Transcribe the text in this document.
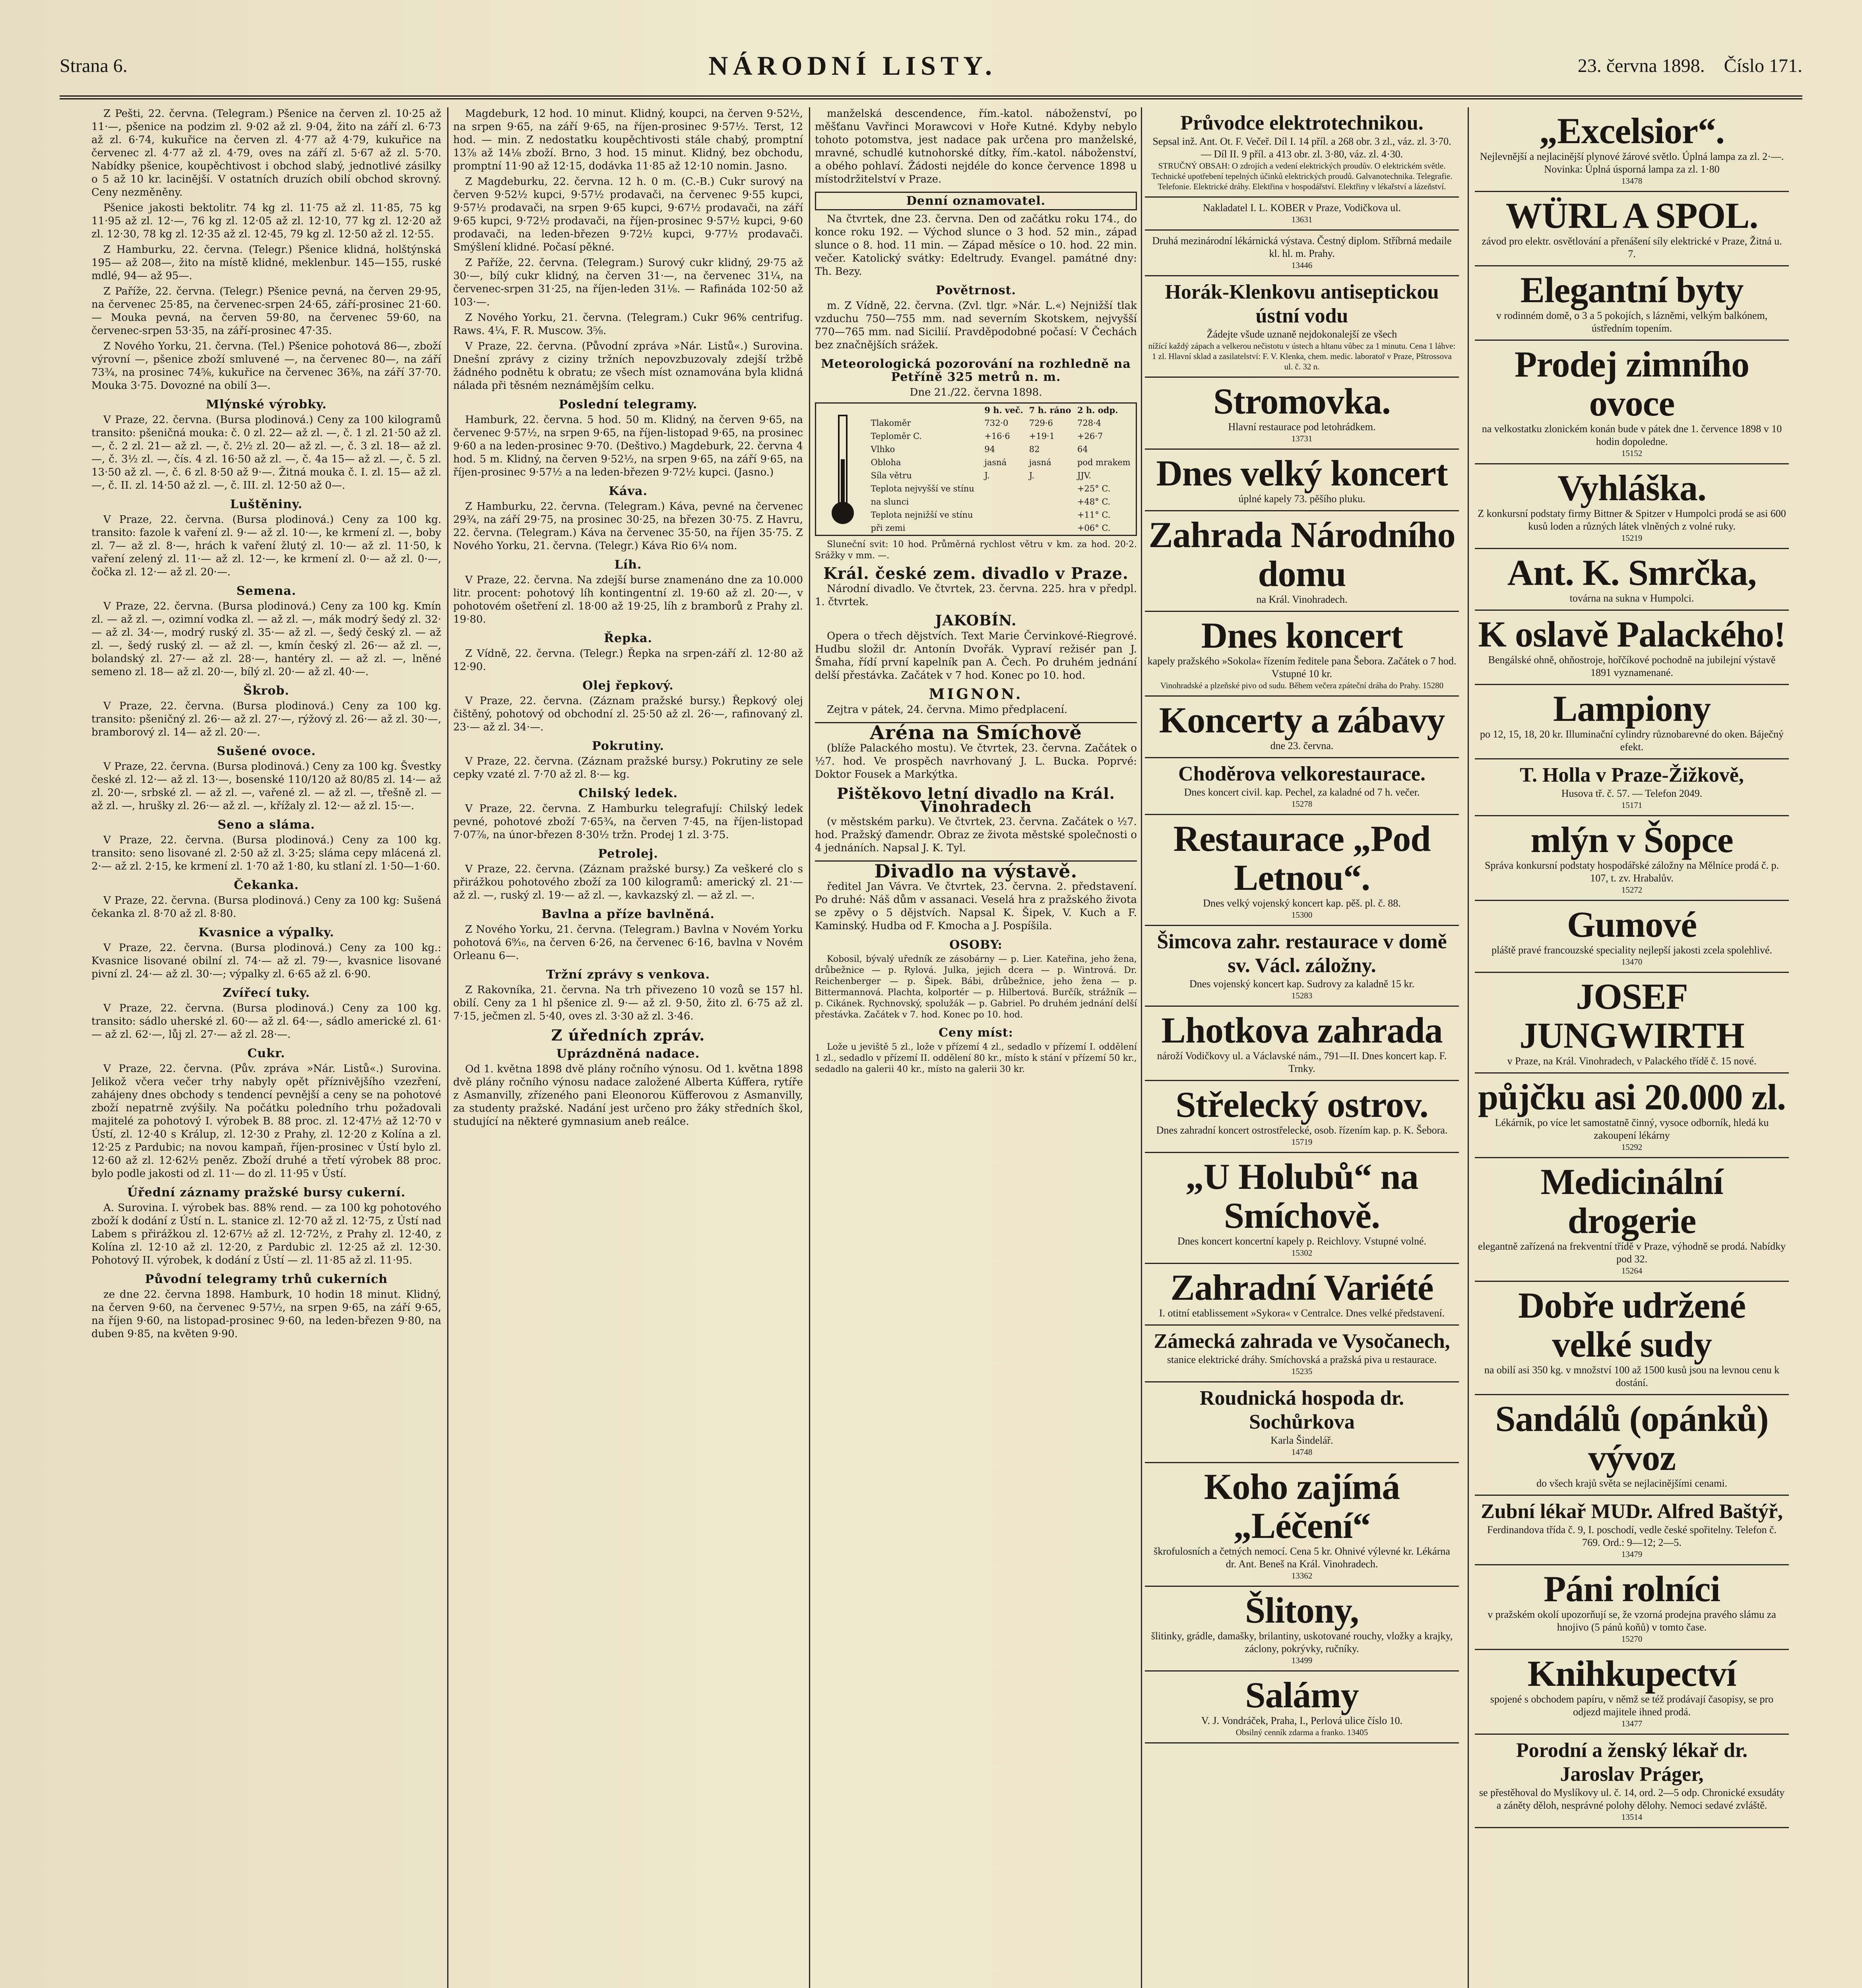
Strana 6.	NÁRODNÍ LISTY.	23. června 1898. Číslo 171.

Z Pešti, 22. června. (Telegram.) Pšenice na červen zl. 10·25 až 11·—, pšenice na podzim zl. 9·02 až zl. 9·04, žito na září zl. 6·73 až zl. 6·74, kukuřice na červen zl. 4·77 až 4·79, kukuřice na červenec zl. 4·77 až zl. 4·79, oves na září zl. 5·67 až zl. 5·70. Nabídky pšenice, koupěchtivost i obchod slabý, jednotlivé zásilky o 5 až 10 kr. lacinější. V ostatních druzích obilí obchod skrovný. Ceny nezměněny.

Pšenice jakosti bektolitr. 74 kg zl. 11·75 až zl. 11·85, 75 kg 11·95 až zl. 12·—, 76 kg zl. 12·05 až zl. 12·10, 77 kg zl. 12·20 až zl. 12·30, 78 kg zl. 12·35 až zl. 12·45, 79 kg zl. 12·50 až zl. 12·55.

Z Hamburku, 22. června. (Telegr.) Pšenice klidná, holštýnská 195— až 208—, žito na místě klidné, meklenbur. 145—155, ruské mdlé, 94— až 95—.

Z Paříže, 22. června. (Telegr.) Pšenice pevná, na červen 29·95, na červenec 25·85, na červenec-srpen 24·65, září-prosinec 21·60. — Mouka pevná, na červen 59·80, na červenec 59·60, na červenec-srpen 53·35, na září-prosinec 47·35.

Z Nového Yorku, 21. června. (Tel.) Pšenice pohotová 86—, zboží výrovní —, pšenice zboží smluvené —, na červenec 80—, na září 73¾, na prosinec 74⅝, kukuřice na červenec 36⅜, na září 37·70. Mouka 3·75. Dovozné na obilí 3—.

Mlýnské výrobky.

V Praze, 22. června. (Bursa plodinová.) Ceny za 100 kilogramů transito: pšeničná mouka: č. 0 zl. 22— až zl. —, č. 1 zl. 21·50 až zl. —, č. 2 zl. 21— až zl. —, č. 2½ zl. 20— až zl. —, č. 3 zl. 18— až zl. —, č. 3½ zl. —, čís. 4 zl. 16·50 až zl. —, č. 4a 15— až zl. —, č. 5 zl. 13·50 až zl. —, č. 6 zl. 8·50 až 9·—. Žitná mouka č. I. zl. 15— až zl. —, č. II. zl. 14·50 až zl. —, č. III. zl. 12·50 až 0—.

Luštěniny.

V Praze, 22. června. (Bursa plodinová.) Ceny za 100 kg. transito: fazole k vaření zl. 9·— až zl. 10·—, ke krmení zl. —, boby zl. 7— až zl. 8·—, hrách k vaření žlutý zl. 10·— až zl. 11·50, k vaření zelený zl. 11·— až zl. 12·—, ke krmení zl. 0·— až zl. 0·—, čočka zl. 12·— až zl. 20·—.

Semena.

V Praze, 22. června. (Bursa plodinová.) Ceny za 100 kg. Kmín zl. — až zl. —, ozimní vodka zl. — až zl. —, mák modrý šedý zl. 32·— až zl. 34·—, modrý ruský zl. 35·— až zl. —, šedý český zl. — až zl. —, šedý ruský zl. — až zl. —, kmín český zl. 26·— až zl. —, bolandský zl. 27·— až zl. 28·—, hantéry zl. — až zl. —, lněné semeno zl. 18— až zl. 20·—, bílý zl. 20·— až zl. 40·—.

Škrob.

V Praze, 22. června. (Bursa plodinová.) Ceny za 100 kg. transito: pšeničný zl. 26·— až zl. 27·—, rýžový zl. 26·— až zl. 30·—, bramborový zl. 14— až zl. 20·—.

Sušené ovoce.

V Praze, 22. června. (Bursa plodinová.) Ceny za 100 kg. Švestky české zl. 12·— až zl. 13·—, bosenské 110/120 až 80/85 zl. 14·— až zl. 20·—, srbské zl. — až zl. —, vařené zl. — až zl. —, třešně zl. — až zl. —, hrušky zl. 26·— až zl. —, křížaly zl. 12·— až zl. 15·—.

Seno a sláma.

V Praze, 22. června. (Bursa plodinová.) Ceny za 100 kg. transito: seno lisované zl. 2·50 až zl. 3·25; sláma cepy mlácená zl. 2·— až zl. 2·15, ke krmení zl. 1·70 až 1·80, ku stlaní zl. 1·50—1·60.

Čekanka.

V Praze, 22. června. (Bursa plodinová.) Ceny za 100 kg: Sušená čekanka zl. 8·70 až zl. 8·80.

Kvasnice a výpalky.

V Praze, 22. června. (Bursa plodinová.) Ceny za 100 kg.: Kvasnice lisované obilní zl. 74·— až zl. 79·—, kvasnice lisované pivní zl. 24·— až zl. 30·—; výpalky zl. 6·65 až zl. 6·90.

Zvířecí tuky.

V Praze, 22. června. (Bursa plodinová.) Ceny za 100 kg. transito: sádlo uherské zl. 60·— až zl. 64·—, sádlo americké zl. 61·— až zl. 62·—, lůj zl. 27·— až zl. 28·—.

Cukr.

V Praze, 22. června. (Pův. zpráva »Nár. Listů«.) Surovina. Jelikož včera večer trhy nabyly opět příznivějšího vzezření, zahájeny dnes obchody s tendencí pevnější a ceny se na pohotové zboží nepatrně zvýšily. Na počátku poledního trhu požadovali majitelé za pohotový I. výrobek B. 88 proc. zl. 12·47½ až 12·70 v Ústí, zl. 12·40 s Králup, zl. 12·30 z Prahy, zl. 12·20 z Kolína a zl. 12·25 z Pardubic; na novou kampaň, říjen-prosinec v Ústí bylo zl. 12·60 až zl. 12·62½ peněz. Zboží druhé a třetí výrobek 88 proc. bylo podle jakosti od zl. 11·— do zl. 11·95 v Ústí.

Úřední záznamy pražské bursy cukerní.

A. Surovina. I. výrobek bas. 88% rend. — za 100 kg pohotového zboží k dodání z Ústí n. L. stanice zl. 12·70 až zl. 12·75, z Ústí nad Labem s přirážkou zl. 12·67½ až zl. 12·72½, z Prahy zl. 12·40, z Kolína zl. 12·10 až zl. 12·20, z Pardubic zl. 12·25 až zl. 12·30. Pohotový II. výrobek, k dodání z Ústí — zl. 11·85 až zl. 11·95.

Původní telegramy trhů cukerních

ze dne 22. června 1898. Hamburk, 10 hodin 18 minut. Klidný, na červen 9·60, na červenec 9·57½, na srpen 9·65, na září 9·65, na říjen 9·60, na listopad-prosinec 9·60, na leden-březen 9·80, na duben 9·85, na květen 9·90.

Magdeburk, 12 hod. 10 minut. Klidný, koupci, na červen 9·52½, na srpen 9·65, na září 9·65, na říjen-prosinec 9·57½. Terst, 12 hod. — min. Z nedostatku koupěchtivosti stále chabý, promptní 13⅞ až 14⅛ zboží. Brno, 3 hod. 15 minut. Klidný, bez obchodu, promptní 11·90 až 12·15, dodávka 11·85 až 12·10 nomin. Jasno.

Z Magdeburku, 22. června. 12 h. 0 m. (C.-B.) Cukr surový na červen 9·52½ kupci, 9·57½ prodavači, na červenec 9·55 kupci, 9·57½ prodavači, na srpen 9·65 kupci, 9·67½ prodavači, na září 9·65 kupci, 9·72½ prodavači, na říjen-prosinec 9·57½ kupci, 9·60 prodavači, na leden-březen 9·72½ kupci, 9·77½ prodavači. Smýšlení klidné. Počasí pěkné.

Z Paříže, 22. června. (Telegram.) Surový cukr klidný, 29·75 až 30·—, bílý cukr klidný, na červen 31·—, na červenec 31¼, na červenec-srpen 31·25, na říjen-leden 31⅛. — Rafináda 102·50 až 103·—.

Z Nového Yorku, 21. června. (Telegram.) Cukr 96% centrifug. Raws. 4¼, F. R. Muscow. 3⅝.

V Praze, 22. června. (Původní zpráva »Nár. Listů«.) Surovina. Dnešní zprávy z ciziny tržních nepovzbuzovaly zdejší tržbě žádného podnětu k obratu; ze všech míst oznamována byla klidná nálada při těsném neznámějším celku.

Poslední telegramy.

Hamburk, 22. června. 5 hod. 50 m. Klidný, na červen 9·65, na červenec 9·57½, na srpen 9·65, na říjen-listopad 9·65, na prosinec 9·60 a na leden-prosinec 9·70. (Deštivo.) Magdeburk, 22. června 4 hod. 5 m. Klidný, na červen 9·52½, na srpen 9·65, na září 9·65, na říjen-prosinec 9·57½ a na leden-březen 9·72½ kupci. (Jasno.)

Káva.

Z Hamburku, 22. června. (Telegram.) Káva, pevné na červenec 29¾, na září 29·75, na prosinec 30·25, na březen 30·75. Z Havru, 22. června. (Telegram.) Káva na červenec 35·50, na říjen 35·75. Z Nového Yorku, 21. června. (Telegr.) Káva Rio 6¼ nom.

Líh.

V Praze, 22. června. Na zdejší burse znamenáno dne za 10.000 litr. procent: pohotový líh kontingentní zl. 19·60 až zl. 20·—, v pohotovém ošetření zl. 18·00 až 19·25, líh z bramborů z Prahy zl. 19·80.

Řepka.

Z Vídně, 22. června. (Telegr.) Řepka na srpen-září zl. 12·80 až 12·90.

Olej řepkový.

V Praze, 22. června. (Záznam pražské bursy.) Řepkový olej čištěný, pohotový od obchodní zl. 25·50 až zl. 26·—, rafinovaný zl. 23·— až zl. 34·—.

Pokrutiny.

V Praze, 22. června. (Záznam pražské bursy.) Pokrutiny ze sele cepky vzaté zl. 7·70 až zl. 8·— kg.

Chilský ledek.

V Praze, 22. června. Z Hamburku telegrafují: Chilský ledek pevné, pohotové zboží 7·65¾, na červen 7·45, na říjen-listopad 7·07⅞, na únor-březen 8·30½ tržn. Prodej 1 zl. 3·75.

Petrolej.

V Praze, 22. června. (Záznam pražské bursy.) Za veškeré clo s přirážkou pohotového zboží za 100 kilogramů: americký zl. 21·— až zl. —, ruský zl. 19·— až zl. —, kavkazský zl. — až zl. —.

Bavlna a příze bavlněná.

Z Nového Yorku, 21. června. (Telegram.) Bavlna v Novém Yorku pohotová 6⁹⁄₁₆, na červen 6·26, na červenec 6·16, bavlna v Novém Orleanu 6—.

Tržní zprávy s venkova.

Z Rakovníka, 21. června. Na trh přivezeno 10 vozů se 157 hl. obilí. Ceny za 1 hl pšenice zl. 9·— až zl. 9·50, žito zl. 6·75 až zl. 7·15, ječmen zl. 5·40, oves zl. 3·30 až zl. 3·46.

Z úředních zpráv.
Uprázdněná nadace.

Od 1. května 1898 dvě plány ročního výnosu. Od 1. května 1898 dvě plány ročního výnosu nadace založené Alberta Kúffera, rytíře z Asmanvilly, zřízeného pani Eleonorou Küfferovou z Asmanvilly, za studenty pražské. Nadání jest určeno pro žáky středních škol, studující na některé gymnasium aneb reálce.

manželská descendence, řím.-katol. náboženství, po měšťanu Vavřinci Morawcovi v Hoře Kutné. Kdyby nebylo tohoto potomstva, jest nadace pak určena pro manželské, mravné, schudlé kutnohorské dítky, řím.-katol. náboženství, a obého pohlaví. Žádosti nejdéle do konce července 1898 u místodržitelství v Praze.

Denní oznamovatel.

Na čtvrtek, dne 23. června. Den od začátku roku 174., do konce roku 192. — Východ slunce o 3 hod. 52 min., západ slunce o 8. hod. 11 min. — Západ měsíce o 10. hod. 22 min. večer. Katolický svátky: Edeltrudy. Evangel. památné dny: Th. Bezy.

Povětrnost.

m. Z Vídně, 22. června. (Zvl. tlgr. »Nár. L.«) Nejnižší tlak vzduchu 750—755 mm. nad severním Skotskem, nejvyšší 770—765 mm. nad Sicilií. Pravděpodobné počasí: V Čechách bez značnějších srážek.

Meteorologická pozorování na rozhledně na Petříně 325 metrů n. m.

Dne 21./22. června 1898.

	9 h. več.	7 h. ráno	2 h. odp.
Tlakoměr	732·0	729·6	728·4
Teploměr C.	+16·6	+19·1	+26·7
Vlhko	94	82	64
Obloha	jasná	jasná	pod mrakem
Síla větru	J.	J.	JJV.
Teplota nejvyšší ve stínu			+25° C.
na slunci			+48° C.
Teplota nejnižší ve stínu			+11° C.
při zemi			+06° C.

Sluneční svit: 10 hod. Průměrná rychlost větru v km. za hod. 20·2. Srážky v mm. —.

Král. české zem. divadlo v Praze.

Národní divadlo. Ve čtvrtek, 23. června. 225. hra v předpl. 1. čtvrtek.

JAKOBÍN.

Opera o třech dějstvích. Text Marie Červinkové-Riegrové. Hudbu složil dr. Antonín Dvořák. Vypraví režisér pan J. Šmaha, řídí první kapelník pan A. Čech. Po druhém jednání delší přestávka. Začátek v 7 hod. Konec po 10. hod.

MIGNON.

Zejtra v pátek, 24. června. Mimo předplacení.

Aréna na Smíchově

(blíže Palackého mostu). Ve čtvrtek, 23. června. Začátek o ½7. hod. Ve prospěch navrhovaný J. L. Bucka. Poprvé: Doktor Fousek a Markýtka.

Pištěkovo letní divadlo na Král. Vinohradech

(v městském parku). Ve čtvrtek, 23. června. Začátek o ½7. hod. Pražský ďamendr. Obraz ze života městské společnosti o 4 jednáních. Napsal J. K. Tyl.

Divadlo na výstavě.

ředitel Jan Vávra. Ve čtvrtek, 23. června. 2. představení. Po druhé: Náš dům v assanaci. Veselá hra z pražského života se zpěvy o 5 dějstvích. Napsal K. Šipek, V. Kuch a F. Kaminský. Hudba od F. Kmocha a J. Pospíšila.

OSOBY:

Kobosil, bývalý uředník ze zásobárny — p. Lier. Kateřina, jeho žena, drůbežnice — p. Rylová. Julka, jejich dcera — p. Wintrová. Dr. Reichenberger — p. Šipek. Bábi, drůbežnice, jeho žena — p. Bittermannová. Plachta, kolportér — p. Hilbertová. Burčík, strážník — p. Cikánek. Rychnovský, spolužák — p. Gabriel. Po druhém jednání delší přestávka. Začátek v 7. hod. Konec po 10. hod.

Ceny míst:

Lože u jeviště 5 zl., lože v přízemí 4 zl., sedadlo v přízemí I. oddělení 1 zl., sedadlo v přízemí II. oddělení 80 kr., místo k stání v přízemí 50 kr., sedadlo na galerii 40 kr., místo na galerii 30 kr.

Průvodce elektrotechnikou.
Sepsal inž. Ant. Ot. F. Večeř. Díl I. 14 příl. a 268 obr. 3 zl., váz. zl. 3·70. — Díl II. 9 příl. a 413 obr. zl. 3·80, váz. zl. 4·30.
STRUČNÝ OBSAH: O zdrojích a vedení elektrických proudův. O elektrickém světle. Technické upotřebení tepelných účinků elektrických proudů. Galvanotechnika. Telegrafie. Telefonie. Elektrické dráhy. Elektřina v hospodářství. Elektřiny v lékařství a lázeňství.
Nakladatel I. L. KOBER v Praze, Vodičkova ul.
13631
Druhá mezinárodní lékárnická výstava. Čestný diplom. Stříbrná medaile kl. hl. m. Prahy.
13446
Horák-Klenkovu antiseptickou ústní vodu
Žádejte všude uznaně nejdokonalejší ze všech
nížící každý zápach a velkerou nečistotu v ústech a hltanu vůbec za 1 minutu. Cena 1 láhve: 1 zl. Hlavní sklad a zasilatelství: F. V. Klenka, chem. medic. laboratoř v Praze, Pštrossova ul. č. 32 n.
Stromovka.
Hlavní restaurace pod letohrádkem.
13731
Dnes velký koncert
úplné kapely 73. pěšího pluku.
Zahrada Národního domu
na Král. Vinohradech.
Dnes koncert
kapely pražského »Sokola« řízením ředitele pana Šebora. Začátek o 7 hod. Vstupné 10 kr.
Vinohradské a plzeňské pivo od sudu. Během večera zpáteční dráha do Prahy. 15280
Koncerty a zábavy
dne 23. června.
Choděrova velkorestaurace.
Dnes koncert civil. kap. Pechel, za kaladné od 7 h. večer.
15278
Restaurace „Pod Letnou“.
Dnes velký vojenský koncert kap. pěš. pl. č. 88.
15300
Šimcova zahr. restaurace v domě sv. Václ. záložny.
Dnes vojenský koncert kap. Sudrovy za kaladně 15 kr.
15283
Lhotkova zahrada
nároží Vodičkovy ul. a Václavské nám., 791—II. Dnes koncert kap. F. Trnky.
Střelecký ostrov.
Dnes zahradní koncert ostrostřelecké, osob. řízením kap. p. K. Šebora.
15719
„U Holubů“ na Smíchově.
Dnes koncert koncertní kapely p. Reichlovy. Vstupné volné.
15302
Zahradní Variété
I. otitní etablissement »Sykora« v Centralce. Dnes velké představení.
Zámecká zahrada ve Vysočanech,
stanice elektrické dráhy. Smíchovská a pražská piva u restaurace.
15235
Roudnická hospoda dr. Sochůrkova
Karla Šindelář.
14748
Koho zajímá „Léčení“
škrofulosních a četných nemocí. Cena 5 kr. Ohnivé výlevné kr. Lékárna dr. Ant. Beneš na Král. Vinohradech.
13362
Šlitony,
šlitinky, grádle, damašky, brilantiny, uskotované rouchy, vložky a krajky, záclony, pokrývky, ručníky.
13499
Salámy
V. J. Vondráček, Praha, I., Perlová ulice číslo 10.
Obsilný cenník zdarma a franko. 13405
„Excelsior“.
Nejlevnější a nejlacinější plynové žárové světlo. Úplná lampa za zl. 2·—. Novinka: Úplná úsporná lampa za zl. 1·80
13478
WÜRL A SPOL.
závod pro elektr. osvětlování a přenášení síly elektrické v Praze, Žitná u. 7.
Elegantní byty
v rodinném domě, o 3 a 5 pokojích, s lázněmi, velkým balkónem, ústředním topením.
Prodej zimního ovoce
na velkostatku zlonickém konán bude v pátek dne 1. července 1898 v 10 hodin dopoledne.
15152
Vyhláška.
Z konkursní podstaty firmy Bittner & Spitzer v Humpolci prodá se asi 600 kusů loden a různých látek vlněných z volné ruky.
15219
Ant. K. Smrčka,
továrna na sukna v Humpolci.
K oslavě Palackého!
Bengálské ohně, ohňostroje, hořčíkové pochodně na jubilejní výstavě 1891 vyznamenané.
Lampiony
po 12, 15, 18, 20 kr. Illuminační cylindry různobarevné do oken. Báječný efekt.
T. Holla v Praze-Žižkově,
Husova tř. č. 57. — Telefon 2049.
15171
mlýn v Šopce
Správa konkursní podstaty hospodářské záložny na Mělníce prodá č. p. 107, t. zv. Hrabalův.
15272
Gumové
pláště pravé francouzské speciality nejlepší jakosti zcela spolehlivé.
13470
JOSEF JUNGWIRTH
v Praze, na Král. Vinohradech, v Palackého třídě č. 15 nové.
půjčku asi 20.000 zl.
Lékárník, po více let samostatně činný, vysoce odborník, hledá ku zakoupení lékárny
15292
Medicinální drogerie
elegantně zařízená na frekventní třídě v Praze, výhodně se prodá. Nabídky pod 32.
15264
Dobře udržené velké sudy
na obilí asi 350 kg. v množství 100 až 1500 kusů jsou na levnou cenu k dostání.
Sandálů (opánků) vývoz
do všech krajů světa se nejlacinějšími cenami.
Zubní lékař MUDr. Alfred Baštýř,
Ferdinandova třída č. 9, I. poschodí, vedle české spořitelny. Telefon č. 769. Ord.: 9—12; 2—5.
13479
Páni rolníci
v pražském okolí upozorňují se, že vzorná prodejna pravého slámu za hnojivo (5 pánů koňů) v tomto čase.
15270
Knihkupectví
spojené s obchodem papíru, v němž se též prodávají časopisy, se pro odjezd majitele ihned prodá.
13477
Porodní a ženský lékař dr. Jaroslav Práger,
se přestěhoval do Myslíkovy ul. č. 14, ord. 2—5 odp. Chronické exsudáty a záněty děloh, nesprávné polohy dělohy. Nemoci sedavé zvláště.
13514
